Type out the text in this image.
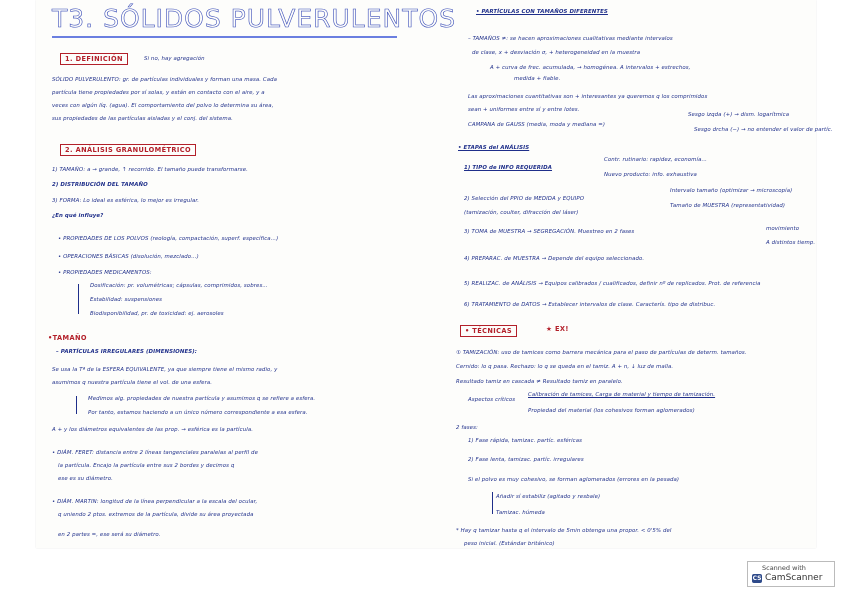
T3. SÓLIDOS PULVERULENTOS
1. DEFINICIÓN	Si no, hay agregación
SÓLIDO PULVERULENTO: gr. de partículas individuales y forman una masa. Cada
partícula tiene propiedades por sí solas, y están en contacto con el aire, y a
veces con algún líq. (agua). El comportamiento del polvo lo determina su área,
sus propiedades de las partículas aisladas y el conj. del sistema.
2. ANÁLISIS GRANULOMÉTRICO
1) TAMAÑO: a → grande, ↑ recorrido. El tamaño puede transformarse.
2) DISTRIBUCIÓN DEL TAMAÑO
3) FORMA: Lo ideal es esférica, lo mejor es irregular.
¿En qué influye?
• PROPIEDADES DE LOS POLVOS (reología, compactación, superf. específica...)
• OPERACIONES BÁSICAS (disolución, mezclado...)
• PROPIEDADES MEDICAMENTOS:
Dosificación: pr. volumétricas; cápsulas, comprimidos, sobres...
Estabilidad: suspensiones
Biodisponibilidad, pr. de toxicidad: ej. aerosoles
•TAMAÑO
– PARTÍCULAS IRREGULARES (DIMENSIONES):
Se usa la Tª de la ESFERA EQUIVALENTE, ya que siempre tiene el mismo radio, y
asumimos q nuestra partícula tiene el vol. de una esfera.
Medimos alg. propiedades de nuestra partícula y asumimos q se refiere a esfera.
Por tanto, estamos haciendo a un único número correspondiente a esa esfera.
A + y los diámetros equivalentes de las prop. → esférica es la partícula.
• DIÁM. FERET: distancia entre 2 líneas tangenciales paralelas al perfil de
la partícula. Encajo la partícula entre sus 2 bordes y decimos q
ese es su diámetro.
• DIÁM. MARTIN: longitud de la línea perpendicular a la escala del ocular,
q uniendo 2 ptos. extremos de la partícula, divide su área proyectada
en 2 partes =, ese será su diámetro.
• PARTÍCULAS CON TAMAÑOS DIFERENTES
– TAMAÑOS ≠: se hacen aproximaciones cualitativas mediante intervalos
de clase, x + desviación σ, + heterogeneidad en la muestra
A + curva de frec. acumulada, → homogénea. A intervalos + estrechos,
medida + fiable.
Las aproximaciones cuantitativas son + interesantes ya queremos q los comprimidos
sean + uniformes entre sí y entre lotes.
Sesgo izqda (+) → dism. logarítmica
CAMPANA de GAUSS (media, moda y mediana =)
Sesgo drcha (−) → no entender el valor de partíc.
• ETAPAS del ANÁLISIS
Contr. rutinario: rapidez, economía...
1) TIPO de INFO REQUERIDA
Nuevo producto: info. exhaustiva
Intervalo tamaño (optimizar → microscopía)
2) Selección del PPIO de MEDIDA y EQUIPO
(tamización, coulter, difracción del láser)
Tamaño de MUESTRA (representatividad)
3) TOMA de MUESTRA → SEGREGACIÓN. Muestreo en 2 fases	movimiento
A distintos tiemp.
4) PREPARAC. de MUESTRA → Depende del equipo seleccionado.
5) REALIZAC. de ANÁLISIS → Equipos calibrados / cualificados, definir nº de replicados. Prot. de referencia
6) TRATAMIENTO de DATOS → Establecer intervalos de clase. Caracterís. tipo de distribuc.
• TÉCNICAS	★ EX!
① TAMIZACIÓN: uso de tamices como barrera mecánica para el paso de partículas de determ. tamaños.
Cernido: lo q pasa. Rechazo: lo q se queda en el tamiz. A + n, ↓ luz de malla.
Resultado tamiz en cascada ≠ Resultado tamiz en paralelo.
Aspectos críticos
Calibración de tamices, Carga de material y tiempo de tamización.
Propiedad del material (los cohesivos forman aglomerados)
2 fases:
1) Fase rápida, tamizac. partíc. esféricas
2) Fase lenta, tamizac. partíc. irregulares
Si el polvo es muy cohesivo, se forman aglomerados (errores en la pesada)
Añadir sí estabiliz (agitado y resbale)
Tamizac. húmeda
* Hay q tamizar hasta q el intervalo de 5min obtenga una propor. < 0'5% del
peso inicial. (Estándar británico)
Scanned with
CS CamScanner
